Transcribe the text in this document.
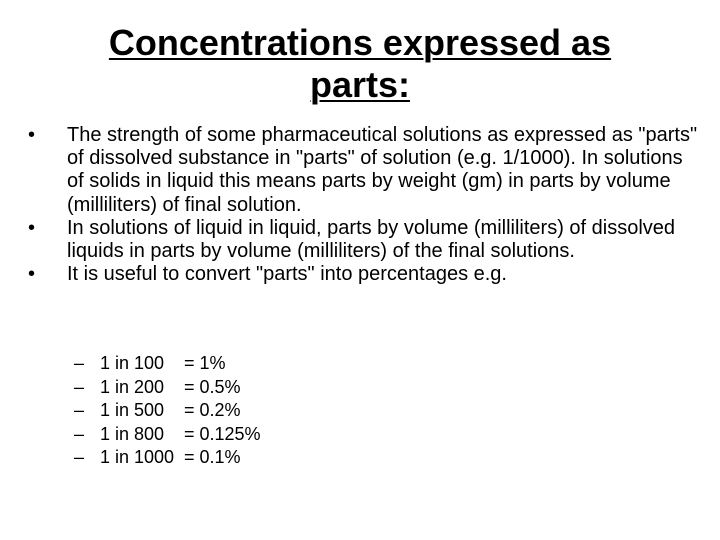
Concentrations expressed as
parts:
• The strength of some pharmaceutical solutions as expressed as "parts" of dissolved substance in "parts" of solution (e.g. 1/1000). In solutions of solids in liquid this means parts by weight (gm) in parts by volume (milliliters) of final solution.
• In solutions of liquid in liquid, parts by volume (milliliters) of dissolved liquids in parts by volume (milliliters) of the final solutions.
• It is useful to convert "parts" into percentages e.g.
– 1 in 100 = 1%
– 1 in 200 = 0.5%
– 1 in 500 = 0.2%
– 1 in 800 = 0.125%
– 1 in 1000 = 0.1%
